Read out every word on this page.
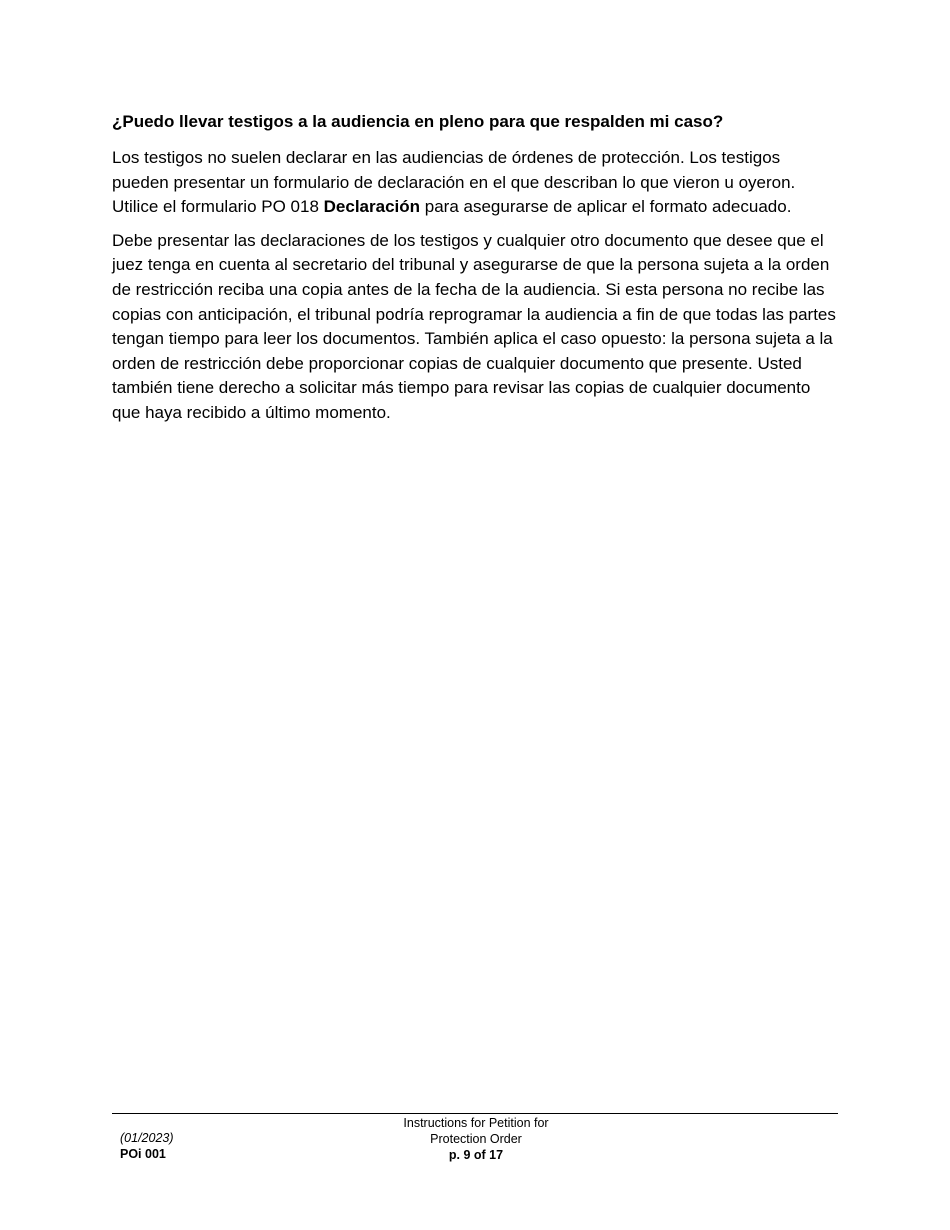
¿Puedo llevar testigos a la audiencia en pleno para que respalden mi caso?

Los testigos no suelen declarar en las audiencias de órdenes de protección. Los testigos pueden presentar un formulario de declaración en el que describan lo que vieron u oyeron. Utilice el formulario PO 018 Declaración para asegurarse de aplicar el formato adecuado.

Debe presentar las declaraciones de los testigos y cualquier otro documento que desee que el juez tenga en cuenta al secretario del tribunal y asegurarse de que la persona sujeta a la orden de restricción reciba una copia antes de la fecha de la audiencia. Si esta persona no recibe las copias con anticipación, el tribunal podría reprogramar la audiencia a fin de que todas las partes tengan tiempo para leer los documentos. También aplica el caso opuesto: la persona sujeta a la orden de restricción debe proporcionar copias de cualquier documento que presente. Usted también tiene derecho a solicitar más tiempo para revisar las copias de cualquier documento que haya recibido a último momento.

(01/2023)
POi 001
Instructions for Petition for
Protection Order
p. 9 of 17
